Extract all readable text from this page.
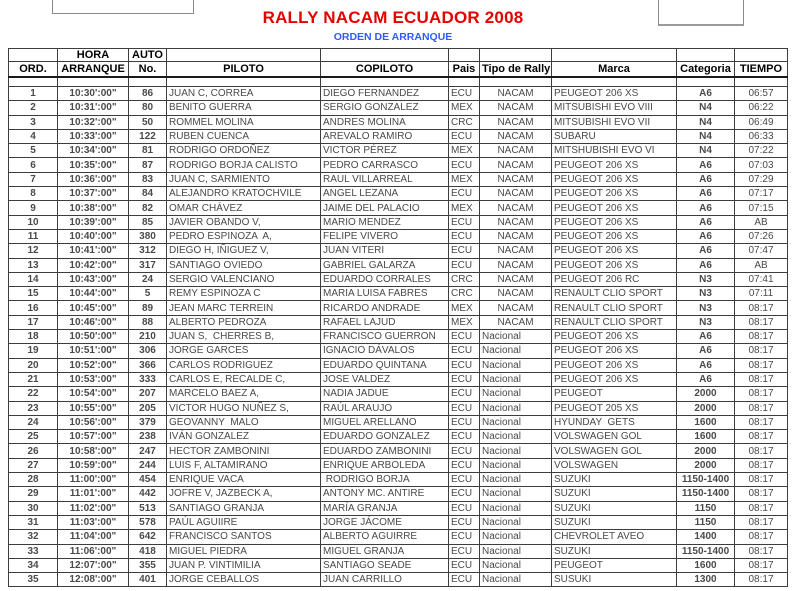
RALLY NACAM ECUADOR 2008
ORDEN DE ARRANQUE
	HORA	AUTO							
ORD.	ARRANQUE	No.	PILOTO	COPILOTO	Pais	Tipo de Rally	Marca	Categoria	TIEMPO

1	10:30':00"	86	JUAN C, CORREA	DIEGO FERNANDEZ	ECU	NACAM	PEUGEOT 206 XS	A6	06:57
2	10:31':00"	80	BENITO GUERRA	SERGIO GONZALEZ	MEX	NACAM	MITSUBISHI EVO VIII	N4	06:22
3	10:32':00"	50	ROMMEL MOLINA	ANDRES MOLINA	CRC	NACAM	MITSUBISHI EVO VII	N4	06:49
4	10:33':00"	122	RUBEN CUENCA	AREVALO RAMIRO	ECU	NACAM	SUBARU	N4	06:33
5	10:34':00"	81	RODRIGO ORDOÑEZ	VICTOR PÉREZ	MEX	NACAM	MITSHUBISHI EVO VI	N4	07:22
6	10:35':00"	87	RODRIGO BORJA CALISTO	PEDRO CARRASCO	ECU	NACAM	PEUGEOT 206 XS	A6	07:03
7	10:36':00"	83	JUAN C, SARMIENTO	RAUL VILLARREAL	MEX	NACAM	PEUGEOT 206 XS	A6	07:29
8	10:37':00"	84	ALEJANDRO KRATOCHVILE	ANGEL LEZANA	ECU	NACAM	PEUGEOT 206 XS	A6	07:17
9	10:38':00"	82	OMAR CHÁVEZ	JAIME DEL PALACIO	MEX	NACAM	PEUGEOT 206 XS	A6	07:15
10	10:39':00"	85	JAVIER OBANDO V,	MARIO MENDEZ	ECU	NACAM	PEUGEOT 206 XS	A6	AB
11	10:40':00"	380	PEDRO ESPINOZA  A,	FELIPE VIVERO	ECU	NACAM	PEUGEOT 206 XS	A6	07:26
12	10:41':00"	312	DIEGO H, IÑIGUEZ V,	JUAN VITERI	ECU	NACAM	PEUGEOT 206 XS	A6	07:47
13	10:42':00"	317	SANTIAGO OVIEDO	GABRIEL GALARZA	ECU	NACAM	PEUGEOT 206 XS	A6	AB
14	10:43':00"	24	SERGIO VALENCIANO	EDUARDO CORRALES	CRC	NACAM	PEUGEOT 206 RC	N3	07:41
15	10:44':00"	5	REMY ESPINOZA C	MARIA LUISA FABRES	CRC	NACAM	RENAULT CLIO SPORT	N3	07:11
16	10:45':00"	89	JEAN MARC TERREIN	RICARDO ANDRADE	MEX	NACAM	RENAULT CLIO SPORT	N3	08:17
17	10:46':00"	88	ALBERTO PEDROZA	RAFAEL LAJUD	MEX	NACAM	RENAULT CLIO SPORT	N3	08:17
18	10:50':00"	210	JUAN S,  CHERRES B,	FRANCISCO GUERRON	ECU	Nacional	PEUGEOT 206 XS	A6	08:17
19	10:51':00"	306	JORGE GARCES	IGNACIO DÁVALOS	ECU	Nacional	PEUGEOT 206 XS	A6	08:17
20	10:52':00"	366	CARLOS RODRIGUEZ	EDUARDO QUINTANA	ECU	Nacional	PEUGEOT 206 XS	A6	08:17
21	10:53':00"	333	CARLOS E, RECALDE C,	JOSE VALDEZ	ECU	Nacional	PEUGEOT 206 XS	A6	08:17
22	10:54':00"	207	MARCELO BAEZ A,	NADIA JADUE	ECU	Nacional	PEUGEOT	2000	08:17
23	10:55':00"	205	VICTOR HUGO NUÑEZ S,	RAÚL ARAUJO	ECU	Nacional	PEUGEOT 205 XS	2000	08:17
24	10:56':00"	379	GEOVANNY  MALO	MIGUEL ARELLANO	ECU	Nacional	HYUNDAY  GETS	1600	08:17
25	10:57':00"	238	IVÁN GONZALEZ	EDUARDO GONZALEZ	ECU	Nacional	VOLSWAGEN GOL	1600	08:17
26	10:58':00"	247	HECTOR ZAMBONINI	EDUARDO ZAMBONINI	ECU	Nacional	VOLSWAGEN GOL	2000	08:17
27	10:59':00"	244	LUIS F, ALTAMIRANO	ENRIQUE ARBOLEDA	ECU	Nacional	VOLSWAGEN	2000	08:17
28	11:00':00"	454	ENRIQUE VACA	RODRIGO BORJA	ECU	Nacional	SUZUKI	1150-1400	08:17
29	11:01':00"	442	JOFRE V, JAZBECK A,	ANTONY MC. ANTIRE	ECU	Nacional	SUZUKI	1150-1400	08:17
30	11:02':00"	513	SANTIAGO GRANJA	MARÍA GRANJA	ECU	Nacional	SUZUKI	1150	08:17
31	11:03':00"	578	PAÚL AGUIIRE	JORGE JÁCOME	ECU	Nacional	SUZUKI	1150	08:17
32	11:04':00"	642	FRANCISCO SANTOS	ALBERTO AGUIRRE	ECU	Nacional	CHEVROLET AVEO	1400	08:17
33	11:06':00"	418	MIGUEL PIEDRA	MIGUEL GRANJA	ECU	Nacional	SUZUKI	1150-1400	08:17
34	12:07':00"	355	JUAN P. VINTIMILIA	SANTIAGO SEADE	ECU	Nacional	PEUGEOT	1600	08:17
35	12:08':00"	401	JORGE CEBALLOS	JUAN CARRILLO	ECU	Nacional	SUSUKI	1300	08:17
